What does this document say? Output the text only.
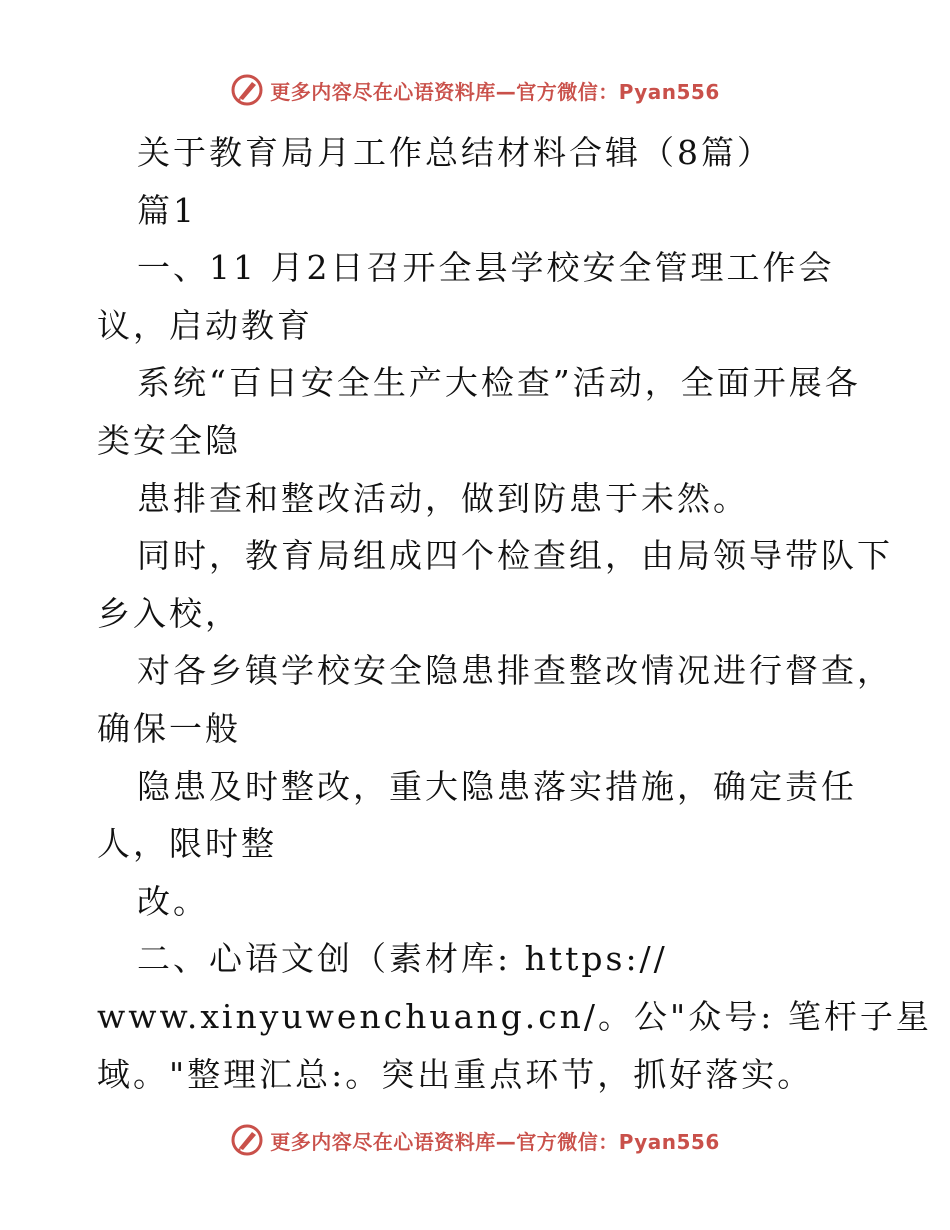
更多内容尽在心语资料库—官方微信：Pyan556
关于教育局月工作总结材料合辑（8篇）
篇1
一、11 月2日召开全县学校安全管理工作会
议，启动教育
系统“百日安全生产大检查”活动，全面开展各
类安全隐
患排查和整改活动，做到防患于未然。
同时，教育局组成四个检查组，由局领导带队下
乡入校，
对各乡镇学校安全隐患排查整改情况进行督查，
确保一般
隐患及时整改，重大隐患落实措施，确定责任
人，限时整
改。
二、心语文创（素材库: https://
www.xinyuwenchuang.cn/。公"众号: 笔杆子星
域。"整理汇总:。突出重点环节，抓好落实。
更多内容尽在心语资料库—官方微信：Pyan556
